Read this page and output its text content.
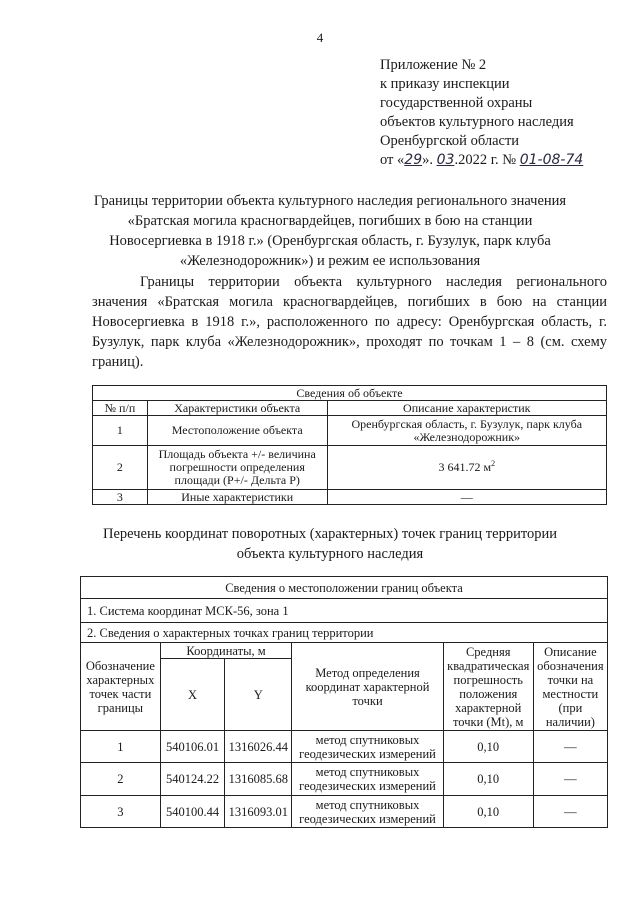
4
Приложение № 2
к приказу инспекции
государственной охраны
объектов культурного наследия
Оренбургской области
от «29». 03.2022 г. № 01-08-74
Границы территории объекта культурного наследия регионального значения
«Братская могила красногвардейцев, погибших в бою на станции
Новосергиевка в 1918 г.» (Оренбургская область, г. Бузулук, парк клуба
«Железнодорожник») и режим ее использования
Границы территории объекта культурного наследия регионального значения «Братская могила красногвардейцев, погибших в бою на станции Новосергиевка в 1918 г.», расположенного по адресу: Оренбургская область, г. Бузулук, парк клуба «Железнодорожник», проходят по точкам 1 – 8 (см. схему границ).
Сведения об объекте		
№ п/п	Характеристики объекта	Описание характеристик
1	Местоположение объекта	Оренбургская область, г. Бузулук, парк клуба «Железнодорожник»
2	Площадь объекта +/- величина погрешности определения площади (P+/- Дельта P)	3 641.72 $м^2$
3	Иные характеристики	—
Перечень координат поворотных (характерных) точек границ территории
объекта культурного наследия
Сведения о местоположении границ объекта					
1. Система координат МСК-56, зона 1					
2. Сведения о характерных точках границ территории					
Обозначение характерных точек части границы	Координаты, м		Метод определения координат характерной точки	Средняя квадратическая погрешность положения характерной точки (Mt), м	Описание обозначения точки на местности (при наличии)
	X	Y			
1	540106.01	1316026.44	метод спутниковых геодезических измерений	0,10	—
2	540124.22	1316085.68	метод спутниковых геодезических измерений	0,10	—
3	540100.44	1316093.01	метод спутниковых геодезических измерений	0,10	—
